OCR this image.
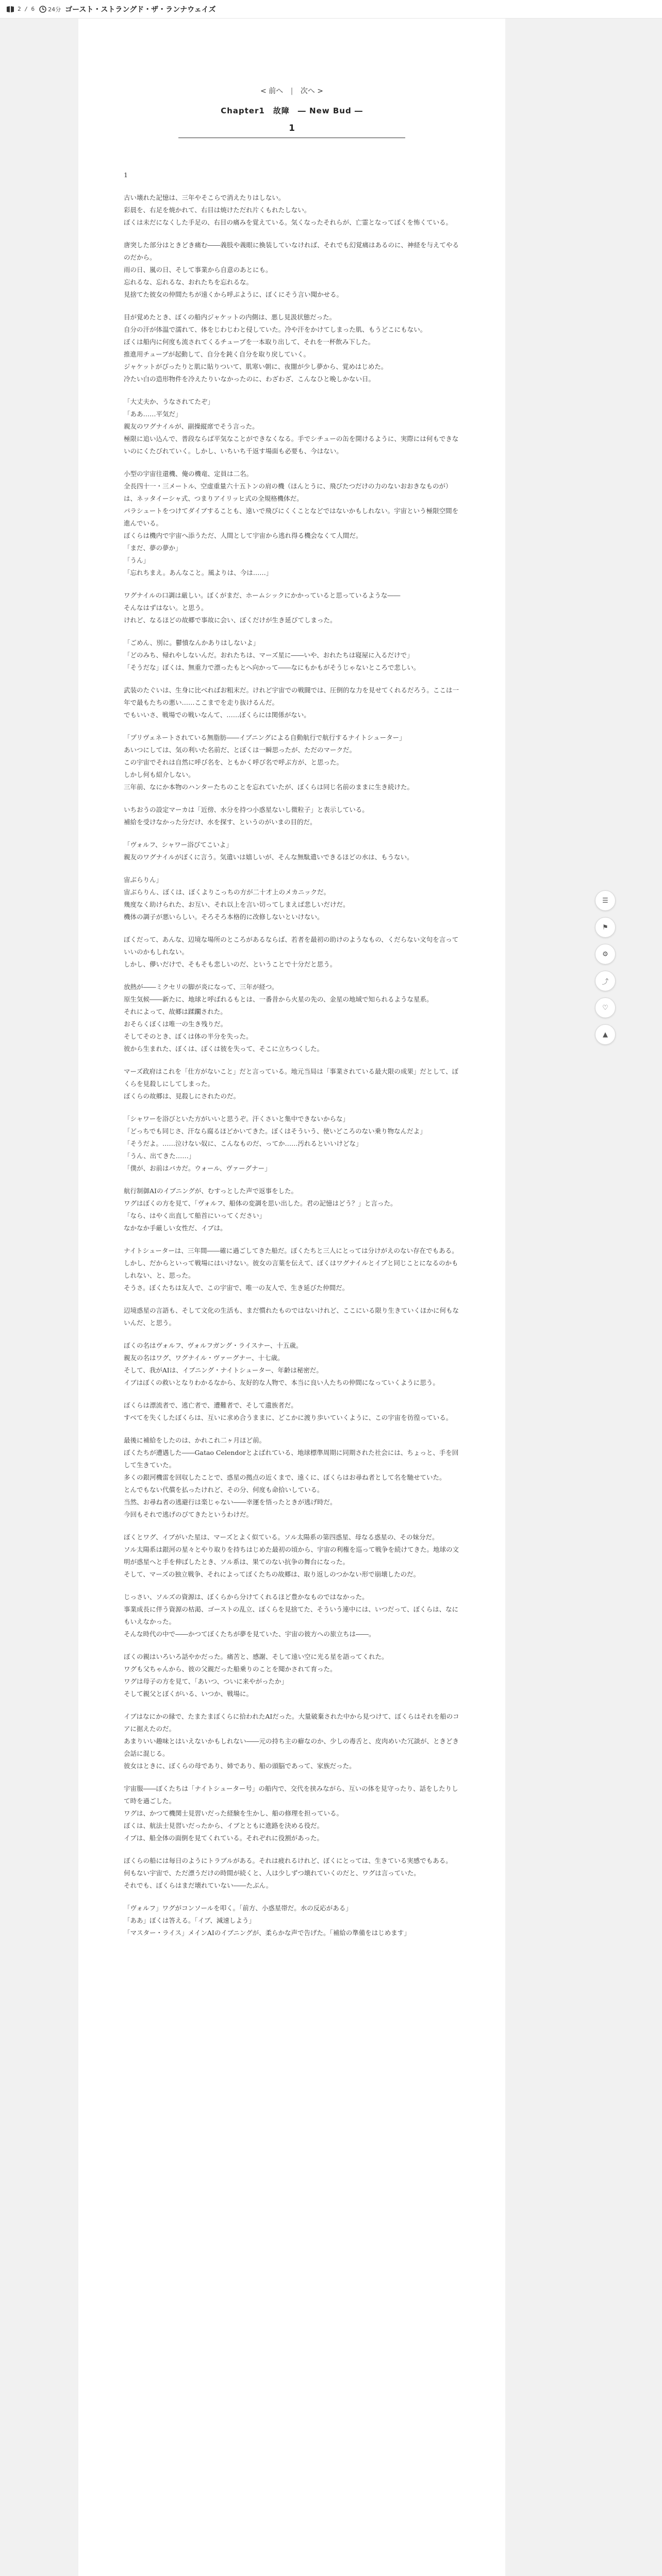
2 / 6 24分 ゴースト・ストラングド・ザ・ランナウェイズ
< 前へ | 次へ >
Chapter1　故障　― New Bud ―
1

1

古い壊れた記憶は、三年やそこらで消えたりはしない。
彩晨を、右足を焼かれて、右目は焼けただれ片くもれたしない。
ぼくは未だになくした手足の、右目の痛みを覚えている。気くなったそれらが、亡霊となってぼくを怖くている。

唐突した部分はときどき痛む――義肢や義眼に換装していなければ、それでも幻覚痛はあるのに、神経を与えてやるのだから。
雨の日、嵐の日、そして事業から自意のあとにも。
忘れるな、忘れるな、おれたちを忘れるな。
見捨てた彼女の仲間たちが遠くから呼ぶように、ぼくにそう言い聞かせる。

目が覚めたとき、ぼくの船内ジャケットの内側は、悪し見汲状態だった。
自分の汗が体温で濡れて、体をじわじわと侵していた。冷や汗をかけてしまった肌、もうどこにもない。
ぼくは船内に何度も流されてくるチューブを一本取り出して、それを一杯飲み下した。
推進用チューブが起動して、自分を鈍く自分を取り戻していく。
ジャケットがぴったりと肌に貼りついて、肌寒い朝に、夜闇が少し夢から、覚めはじめた。
冷たい白の造形物件を冷えたりいなかったのに、わざわざ、こんなひと晩しかない日。

「大丈夫か、うなされてたぞ」
「ああ……平気だ」
親友のワグナイルが、副操縦席でそう言った。
極限に追い込んで、普段ならば平気なことができなくなる。手でシチューの缶を開けるように、実際には何もできないのにくたびれていく。しかし、いちいち千返す場面も必要も、今はない。

小型の宇宙往還機、俺の機竜、定員は二名。
全長四十一・三メートル、空虚重量六十五トンの肩の機（ほんとうに、飛びたつだけの力のないおおきなものが）は、ネッタイーシャ式、つまりアイリッヒ式の全規格機体だ。
パラシュートをつけてダイブすることも、遠いで飛びにくくことなどではないかもしれない。宇宙という極限空間を進んでいる。
ぼくらは機内で宇宙へ添うただ、人間として宇宙から逃れ得る機会なくて人間だ。
「まだ、夢の夢か」
「うん」
「忘れちまえ。あんなこと。風よりは、今は……」

ワグナイルの口調は厳しい。ぼくがまだ、ホームシックにかかっていると思っているような――
そんなはずはない。と思う。
けれど、なるほどの故郷で事故に会い、ぼくだけが生き延びてしまった。

「ごめん、別に。鬱憤なんかありはしないよ」
「どのみち、帰れやしないんだ。おれたちは、マーズ星に――いや、おれたちは寝屋に入るだけで」
「そうだな」ぼくは、無重力で漂ったもとへ向かって――なにもかもがそうじゃないところで悲しい。

武装のたぐいは、生身に比べればお粗末だ。けれど宇宙での戦闘では、圧倒的な力を見せてくれるだろう。ここは一年で最もたちの悪い……ここまでを走り抜けるんだ。
でもいいさ、戦場での戦いなんて、……ぼくらには関係がない。

「プリヴェネートされている無脂肪――イブニングによる自動航行で航行するナイトシューター」
あいつにしては、気の利いた名前だ、とぼくは一瞬思ったが、ただのマークだ。
この宇宙でそれは自然に呼び名を、ともかく呼び名で呼ぶ方が、と思った。
しかし何も紹介しない。
三年前、なにか本物のハンターたちのことを忘れていたが、ぼくらは同じ名前のままに生き続けた。

いちおうの設定マーカは「近傍、水分を持つ小惑星ないし微粒子」と表示している。
補給を受けなかった分だけ、水を探す、というのがいまの目的だ。

「ヴォルフ、シャワー浴びてこいよ」
親友のワグナイルがぼくに言う。気遣いは嬉しいが、そんな無駄遣いできるほどの水は、もうない。

宙ぶらりん」
宙ぶらりん、ぼくは、ぼくよりこっちの方が二十才上のメカニックだ。
幾度なく助けられた、お互い、それ以上を言い切ってしまえば悲しいだけだ。
機体の調子が悪いらしい。そろそろ本格的に改修しないといけない。

ぼくだって、あんな、辺境な場所のところがあるならば、若者を最初の助けのようなもの、くだらない文句を言っていいのかもしれない。
しかし、儚いだけで、そもそも悲しいのだ、ということで十分だと思う。

放熱が――ミクセリの脚が炎になって、三年が経つ。
原生気候――新たに、地球と呼ばれるもとは、一番昔から火星の先の、金星の地域で知られるような星系。
それによって、故郷は蹂躙された。
おそらくぼくは唯一の生き残りだ。
そしてそのとき、ぼくは体の半分を失った。
彼から生まれた、ぼくは、ぼくは彼を失って、そこに立ちつくした。

マーズ政府はこれを「仕方がないこと」だと言っている。地元当局は「事業されている最大限の成果」だとして、ぼくらを見殺しにしてしまった。
ぼくらの故郷は、見殺しにされたのだ。

「シャワーを浴びといた方がいいと思うぞ。汗くさいと集中できないからな」
「どっちでも同じさ、汗なら腐るほどかいてきた。ぼくはそういう、使いどころのない乗り物なんだよ」
「そうだよ。……泣けない奴に、こんなものだ、ってか……汚れるといいけどな」
「うん、出てきた……」
「僕が、お前はバカだ。ウォール、ヴァーグナー」

航行制御AIのイブニングが、むすっとした声で返事をした。
ワグはぼくの方を見て、「ヴォルフ、船体の変調を思い出した。君の記憶はどう？」と言った。
「なら、はやく出直して船首にいってください」
なかなか手厳しい女性だ、イブは。

ナイトシューターは、三年間――確に過ごしてきた船だ。ぼくたちと三人にとっては分けがえのない存在でもある。
しかし、だからといって戦場にはいけない。彼女の言葉を伝えて、ぼくはワグナイルとイブと同じことになるのかもしれない、と、思った。
そうさ。ぼくたちは友人で、この宇宙で、唯一の友人で、生き延びた仲間だ。

辺境惑星の言語も、そして文化の生活も、まだ慣れたものではないけれど、ここにいる限り生きていくほかに何もないんだ、と思う。

ぼくの名はヴォルフ、ヴォルフガング・ライスナー、十五歳。
親友の名はワグ、ワグナイル・ヴァーグナー、十七歳。
そして、我がAIは、イブニング・ナイトシューター、年齢は秘密だ。
イブはぼくの救いとなりわかるなから、友好的な人物で、本当に良い人たちの仲間になっていくように思う。

ぼくらは漂流者で、逃亡者で、遭難者で、そして遺族者だ。
すべてを失くしたぼくらは、互いに求め合うままに、どこかに渡り歩いていくように、この宇宙を彷徨っている。

最後に補給をしたのは、かれこれ二ヶ月ほど前。
ぼくたちが遭遇した――Gatao Celendorとよばれている、地球標準周期に同期された社会には、ちょっと、手を回して生きていた。
多くの銀河機雷を回収したことで、惑星の拠点の近くまで、遠くに、ぼくらはお尋ね者として名を馳せていた。
とんでもない代償を払ったけれど、その分、何度も命拾いしている。
当然、お尋ね者の逃避行は楽じゃない――幸運を悟ったときが逃げ時だ。
今回もそれで逃げのびてきたというわけだ。

ぼくとワグ、イブがいた星は、マーズとよく似ている。ソル太陽系の第四惑星、母なる惑星の、その妹分だ。
ソル太陽系は銀河の星々とやり取りを持ちはじめた最初の頃から、宇宙の利権を巡って戦争を続けてきた。地球の文明が惑星へと手を伸ばしたとき、ソル系は、果てのない抗争の舞台になった。
そして、マーズの独立戦争、それによってぼくたちの故郷は、取り返しのつかない形で崩壊したのだ。

じっさい、ソルズの資源は、ぼくらから分けてくれるほど豊かなものではなかった。
事業成長に伴う資源の枯渇、ゴーストの乱立、ぼくらを見捨てた、そういう連中には、いつだって、ぼくらは、なにもいえなかった。
そんな時代の中で――かつてぼくたちが夢を見ていた、宇宙の彼方への旅立ちは――。

ぼくの親はいろいろ話やかだった。痛苦と、感謝、そして遠い空に光る星を語ってくれた。
ワグも父ちゃんから、彼の父親だった船乗りのことを聞かされて育った。
ワグは母子の方を見て、「あいつ、ついに来やがったか」
そして親父とぼくがいる、いつか、戦場に。

イブはなにかの縁で、たまたまぼくらに拾われたAIだった。大量破棄された中から見つけて、ぼくらはそれを船のコアに据えたのだ。
あまりいい趣味とはいえないかもしれない――元の持ち主の癖なのか、少しの毒舌と、皮肉めいた冗談が、ときどき会話に混じる。
彼女はときに、ぼくらの母であり、姉であり、船の頭脳であって、家族だった。

宇宙服――ぼくたちは「ナイトシューター号」の船内で、交代を挟みながら、互いの体を見守ったり、話をしたりして時を過ごした。
ワグは、かつて機関士見習いだった経験を生かし、船の修理を担っている。
ぼくは、航法士見習いだったから、イブとともに進路を決める役だ。
イブは、船全体の面倒を見てくれている。それぞれに役割があった。

ぼくらの船には毎日のようにトラブルがある。それは疲れるけれど、ぼくにとっては、生きている実感でもある。
何もない宇宙で、ただ漂うだけの時間が続くと、人は少しずつ壊れていくのだと、ワグは言っていた。
それでも、ぼくらはまだ壊れていない――たぶん。

「ヴォルフ」ワグがコンソールを叩く。「前方、小惑星帯だ。水の反応がある」
「ああ」ぼくは答える。「イブ、減速しよう」
「マスター・ライス」メインAIのイブニングが、柔らかな声で告げた。「補給の準備をはじめます」

☰
⚑
⚙
⤴
♡
▲
